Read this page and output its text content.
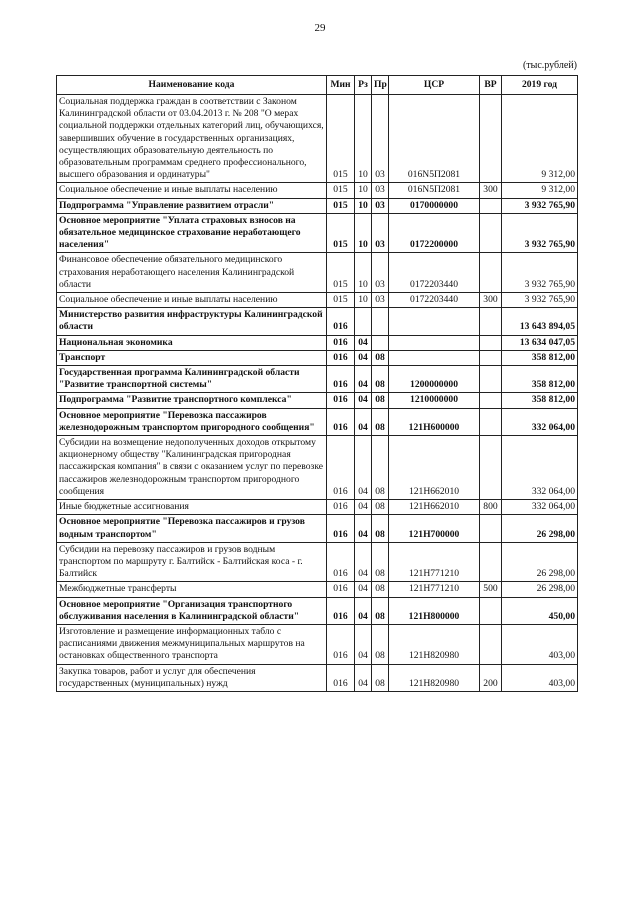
29
(тыс.рублей)
Наименование кода	Мин	Рз	Пр	ЦСР	ВР	2019 год
Социальная поддержка граждан в соответствии с Законом Калининградской области от 03.04.2013 г. № 208 "О мерах социальной поддержки отдельных категорий лиц, обучающихся, завершивших обучение в государственных организациях, осуществляющих образовательную деятельность по образовательным программам среднего профессионального, высшего образования и ординатуры"	015	10	03	016N5П2081		9 312,00
Социальное обеспечение и иные выплаты населению	015	10	03	016N5П2081	300	9 312,00
Подпрограмма "Управление развитием отрасли"	015	10	03	0170000000		3 932 765,90
Основное мероприятие "Уплата страховых взносов на обязательное медицинское страхование неработающего населения"	015	10	03	0172200000		3 932 765,90
Финансовое обеспечение обязательного медицинского страхования неработающего населения Калининградской области	015	10	03	0172203440		3 932 765,90
Социальное обеспечение и иные выплаты населению	015	10	03	0172203440	300	3 932 765,90
Министерство развития инфраструктуры Калининградской области	016					13 643 894,05
Национальная экономика	016	04				13 634 047,05
Транспорт	016	04	08			358 812,00
Государственная программа Калининградской области "Развитие транспортной системы"	016	04	08	1200000000		358 812,00
Подпрограмма "Развитие транспортного комплекса"	016	04	08	1210000000		358 812,00
Основное мероприятие "Перевозка пассажиров железнодорожным транспортом пригородного сообщения"	016	04	08	121Н600000		332 064,00
Субсидии на возмещение недополученных доходов открытому акционерному обществу "Калининградская пригородная пассажирская компания" в связи с оказанием услуг по перевозке пассажиров железнодорожным транспортом пригородного сообщения	016	04	08	121Н662010		332 064,00
Иные бюджетные ассигнования	016	04	08	121Н662010	800	332 064,00
Основное мероприятие "Перевозка пассажиров и грузов водным транспортом"	016	04	08	121Н700000		26 298,00
Субсидии на перевозку пассажиров и грузов водным транспортом по маршруту г. Балтийск - Балтийская коса - г. Балтийск	016	04	08	121Н771210		26 298,00
Межбюджетные трансферты	016	04	08	121Н771210	500	26 298,00
Основное мероприятие "Организация транспортного обслуживания населения в Калининградской области"	016	04	08	121Н800000		450,00
Изготовление и размещение информационных табло с расписаниями движения межмуниципальных маршрутов на остановках общественного транспорта	016	04	08	121Н820980		403,00
Закупка товаров, работ и услуг для обеспечения государственных (муниципальных) нужд	016	04	08	121Н820980	200	403,00
